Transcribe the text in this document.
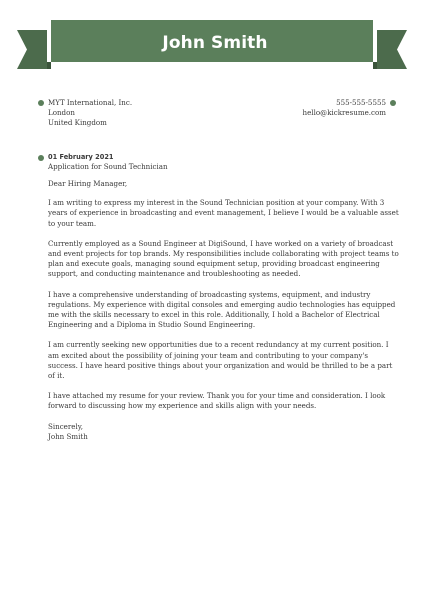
John Smith
MYT International, Inc.
London
United Kingdom
555-555-5555
hello@kickresume.com
01 February 2021
Application for Sound Technician

Dear Hiring Manager,

I am writing to express my interest in the Sound Technician position at your company. With 3 years of experience in broadcasting and event management, I believe I would be a valuable asset to your team.

Currently employed as a Sound Engineer at DigiSound, I have worked on a variety of broadcast and event projects for top brands. My responsibilities include collaborating with project teams to plan and execute goals, managing sound equipment setup, providing broadcast engineering support, and conducting maintenance and troubleshooting as needed.

I have a comprehensive understanding of broadcasting systems, equipment, and industry regulations. My experience with digital consoles and emerging audio technologies has equipped me with the skills necessary to excel in this role. Additionally, I hold a Bachelor of Electrical Engineering and a Diploma in Studio Sound Engineering.

I am currently seeking new opportunities due to a recent redundancy at my current position. I am excited about the possibility of joining your team and contributing to your company's success. I have heard positive things about your organization and would be thrilled to be a part of it.

I have attached my resume for your review. Thank you for your time and consideration. I look forward to discussing how my experience and skills align with your needs.

Sincerely,
John Smith
